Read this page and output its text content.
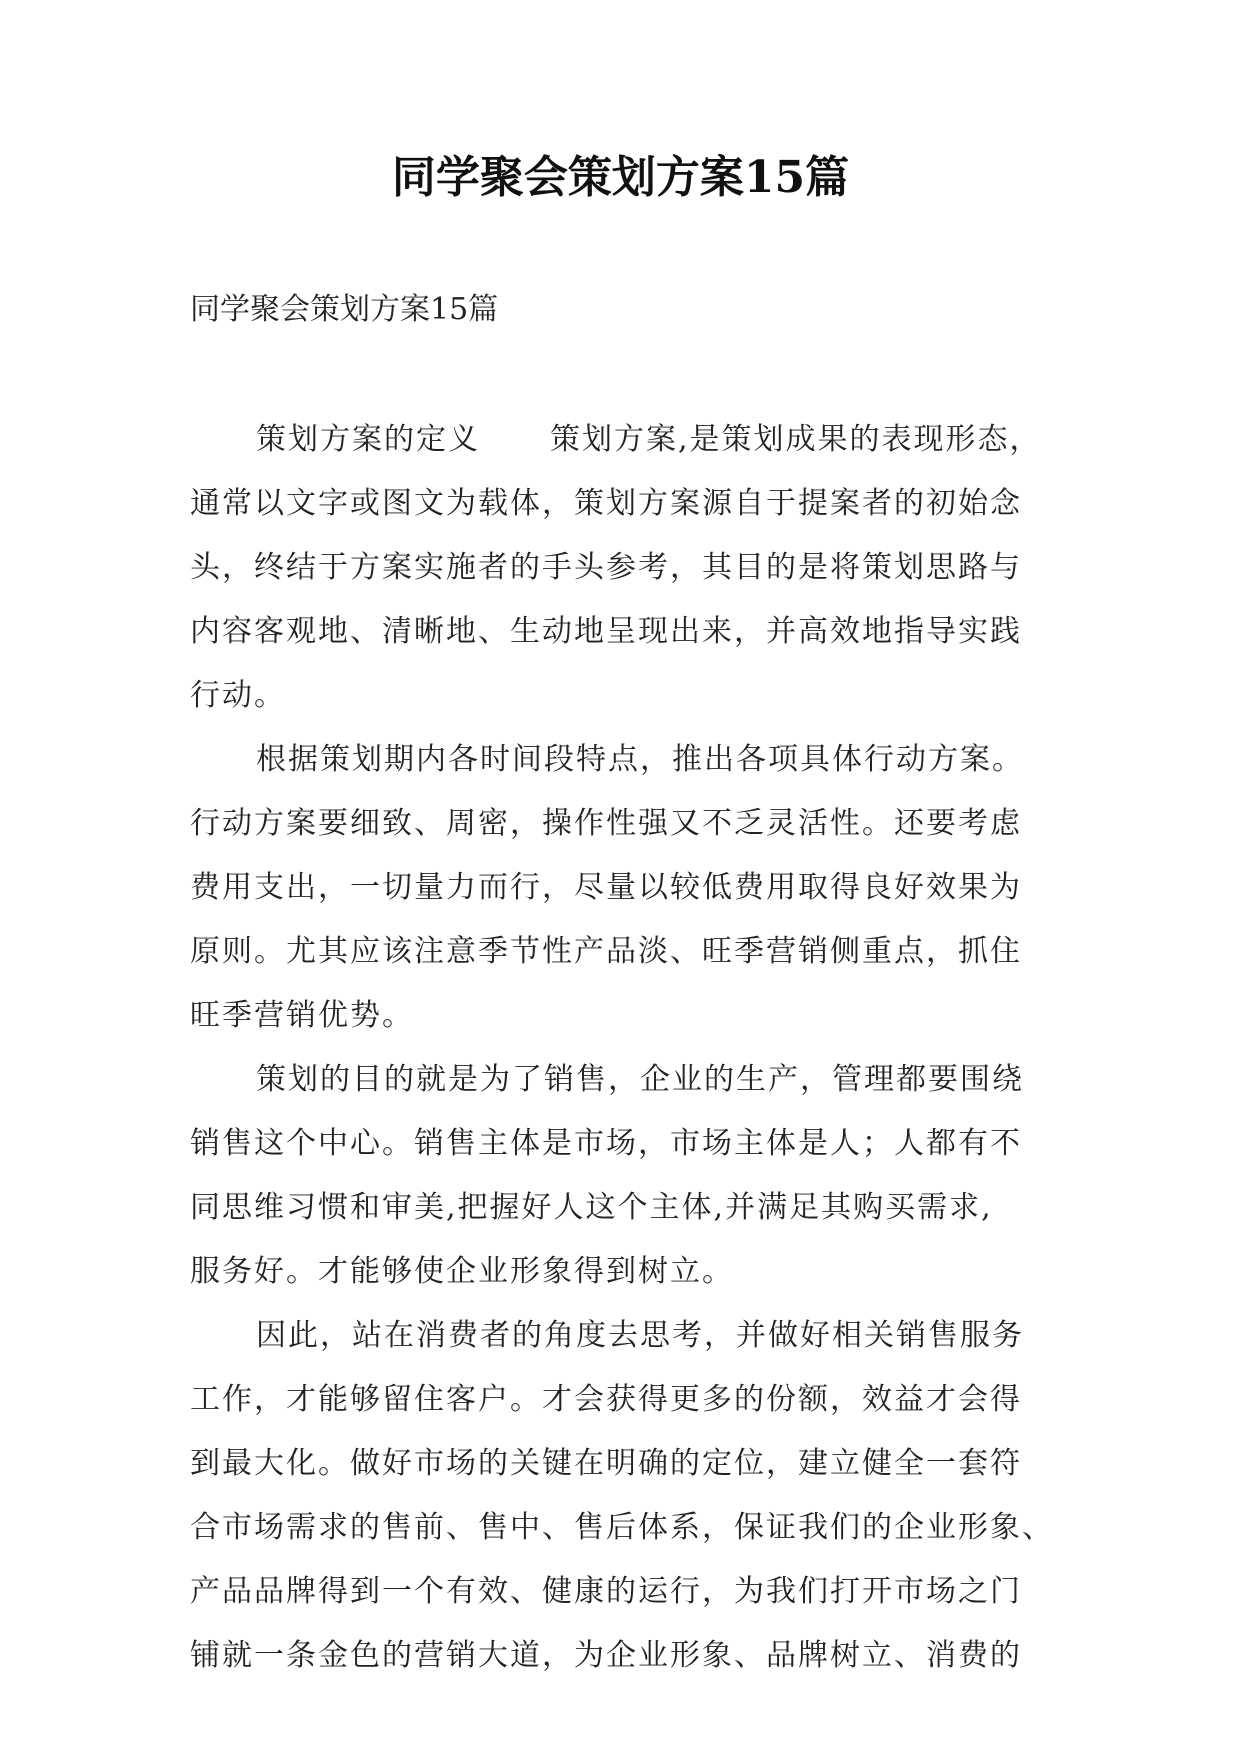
同学聚会策划方案15篇
同学聚会策划方案15篇

策划方案的定义 策划方案,是策划成果的表现形态，
通常以文字或图文为载体，策划方案源自于提案者的初始念
头，终结于方案实施者的手头参考，其目的是将策划思路与
内容客观地、清晰地、生动地呈现出来，并高效地指导实践
行动。

根据策划期内各时间段特点，推出各项具体行动方案。
行动方案要细致、周密，操作性强又不乏灵活性。还要考虑
费用支出，一切量力而行，尽量以较低费用取得良好效果为
原则。尤其应该注意季节性产品淡、旺季营销侧重点，抓住
旺季营销优势。

策划的目的就是为了销售，企业的生产，管理都要围绕
销售这个中心。销售主体是市场，市场主体是人；人都有不
同思维习惯和审美,把握好人这个主体,并满足其购买需求,
服务好。才能够使企业形象得到树立。

因此，站在消费者的角度去思考，并做好相关销售服务
工作，才能够留住客户。才会获得更多的份额，效益才会得
到最大化。做好市场的关键在明确的定位，建立健全一套符
合市场需求的售前、售中、售后体系，保证我们的企业形象、
产品品牌得到一个有效、健康的运行，为我们打开市场之门
铺就一条金色的营销大道，为企业形象、品牌树立、消费的
